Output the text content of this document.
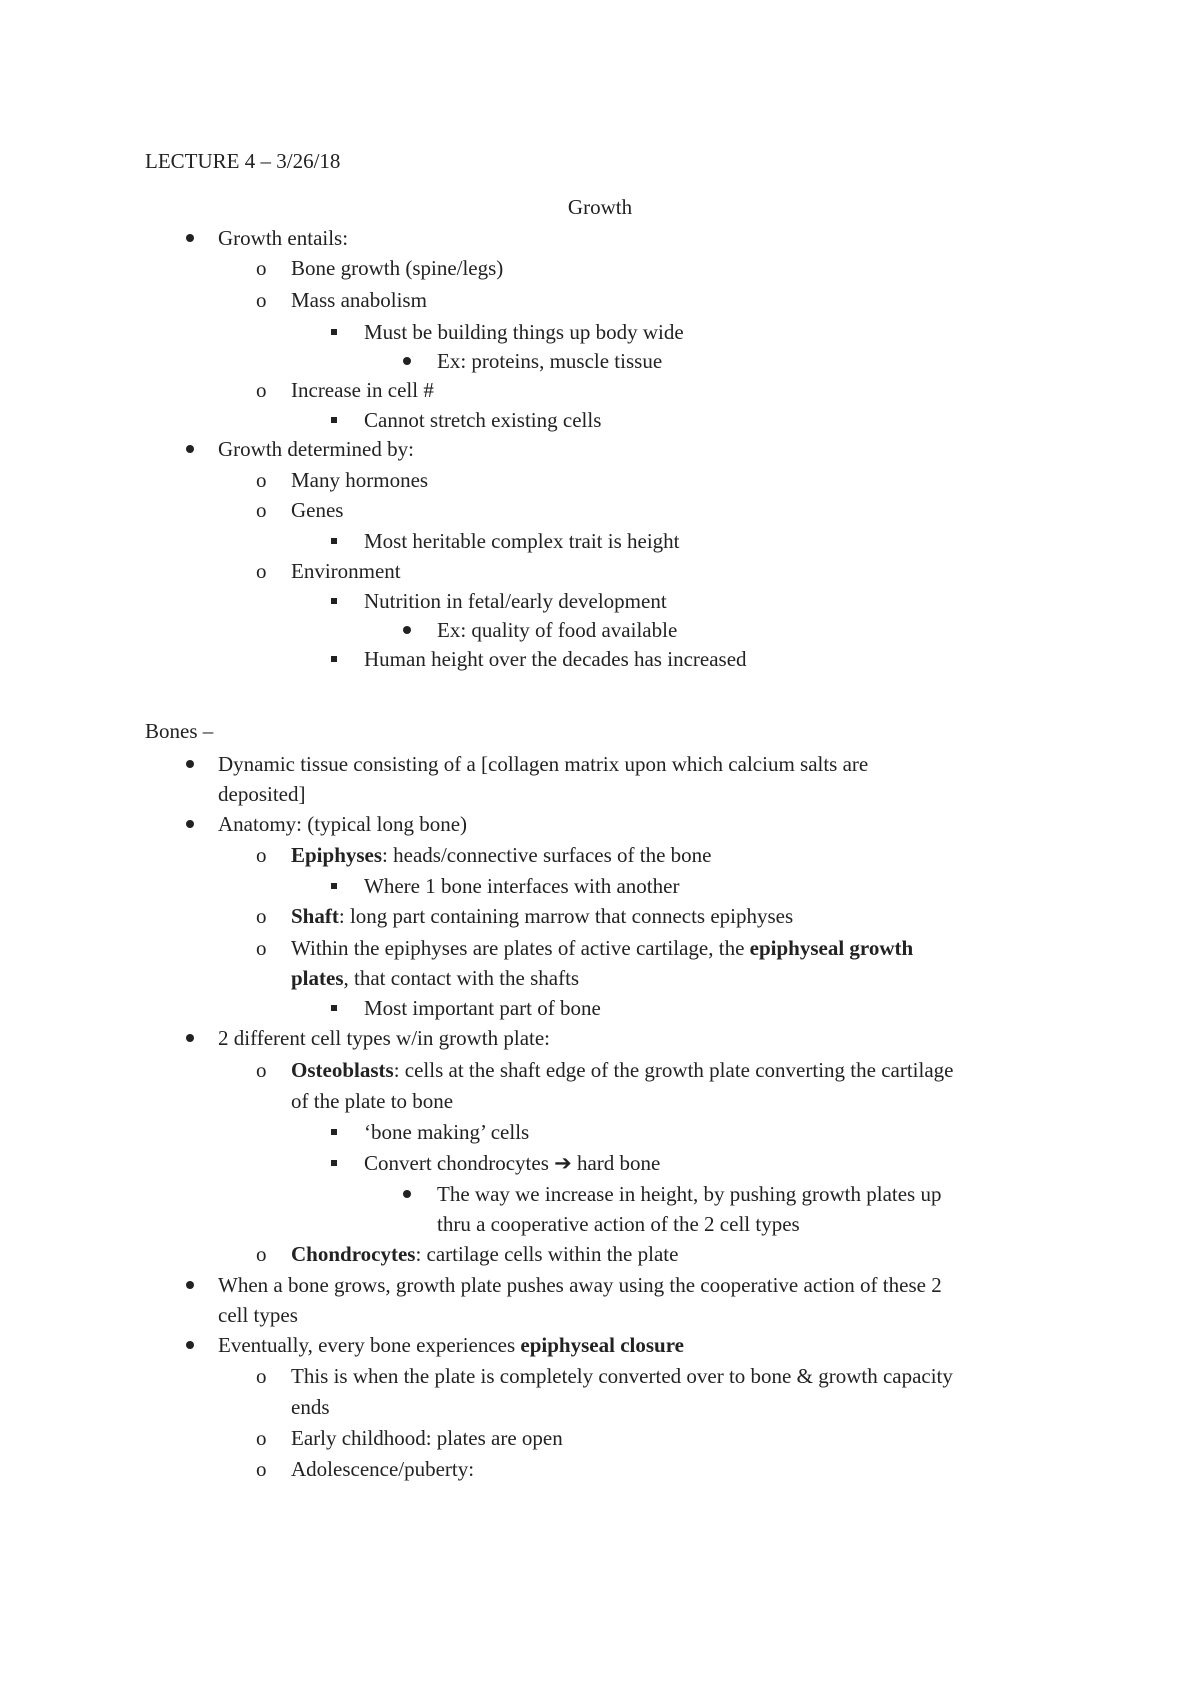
LECTURE 4 – 3/26/18
Growth
Bones –
Growth entails:
o Bone growth (spine/legs)
o Mass anabolism
Must be building things up body wide
Ex: proteins, muscle tissue
o Increase in cell #
Cannot stretch existing cells
Growth determined by:
o Many hormones
o Genes
Most heritable complex trait is height
o Environment
Nutrition in fetal/early development
Ex: quality of food available
Human height over the decades has increased
Dynamic tissue consisting of a [collagen matrix upon which calcium salts are
deposited]
Anatomy: (typical long bone)
o Epiphyses: heads/connective surfaces of the bone
Where 1 bone interfaces with another
o Shaft: long part containing marrow that connects epiphyses
o Within the epiphyses are plates of active cartilage, the epiphyseal growth
plates, that contact with the shafts
Most important part of bone
2 different cell types w/in growth plate:
o Osteoblasts: cells at the shaft edge of the growth plate converting the cartilage
of the plate to bone
‘bone making’ cells
Convert chondrocytes ➔ hard bone
The way we increase in height, by pushing growth plates up
thru a cooperative action of the 2 cell types
o Chondrocytes: cartilage cells within the plate
When a bone grows, growth plate pushes away using the cooperative action of these 2
cell types
Eventually, every bone experiences epiphyseal closure
o This is when the plate is completely converted over to bone & growth capacity
ends
o Early childhood: plates are open
o Adolescence/puberty:
